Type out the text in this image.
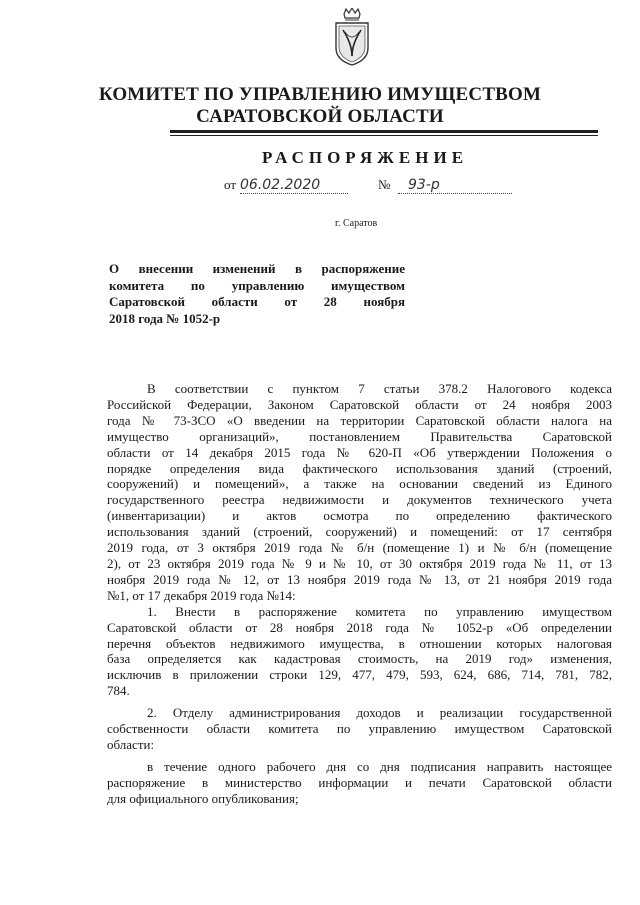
КОМИТЕТ ПО УПРАВЛЕНИЮ ИМУЩЕСТВОМ
САРАТОВСКОЙ ОБЛАСТИ
РАСПОРЯЖЕНИЕ
от 06.02.2020	№	93-р
г. Саратов
О внесении изменений в распоряжение
комитета по управлению имуществом
Саратовской области от 28 ноября
2018 года № 1052-р
В соответствии с пунктом 7 статьи 378.2 Налогового кодекса
Российской Федерации, Законом Саратовской области от 24 ноября 2003
года № 73-ЗСО «О введении на территории Саратовской области налога на
имущество организаций», постановлением Правительства Саратовской
области от 14 декабря 2015 года № 620-П «Об утверждении Положения о
порядке определения вида фактического использования зданий (строений,
сооружений) и помещений», а также на основании сведений из Единого
государственного реестра недвижимости и документов технического учета
(инвентаризации) и актов осмотра по определению фактического
использования зданий (строений, сооружений) и помещений: от 17 сентября
2019 года, от 3 октября 2019 года № б/н (помещение 1) и № б/н (помещение
2), от 23 октября 2019 года № 9 и № 10, от 30 октября 2019 года № 11, от 13
ноября 2019 года № 12, от 13 ноября 2019 года № 13, от 21 ноября 2019 года
№1, от 17 декабря 2019 года №14:
1. Внести в распоряжение комитета по управлению имуществом
Саратовской области от 28 ноября 2018 года № 1052-р «Об определении
перечня объектов недвижимого имущества, в отношении которых налоговая
база определяется как кадастровая стоимость, на 2019 год» изменения,
исключив в приложении строки 129, 477, 479, 593, 624, 686, 714, 781, 782,
784.
2. Отделу администрирования доходов и реализации государственной
собственности области комитета по управлению имуществом Саратовской
области:
в течение одного рабочего дня со дня подписания направить настоящее
распоряжение в министерство информации и печати Саратовской области
для официального опубликования;
